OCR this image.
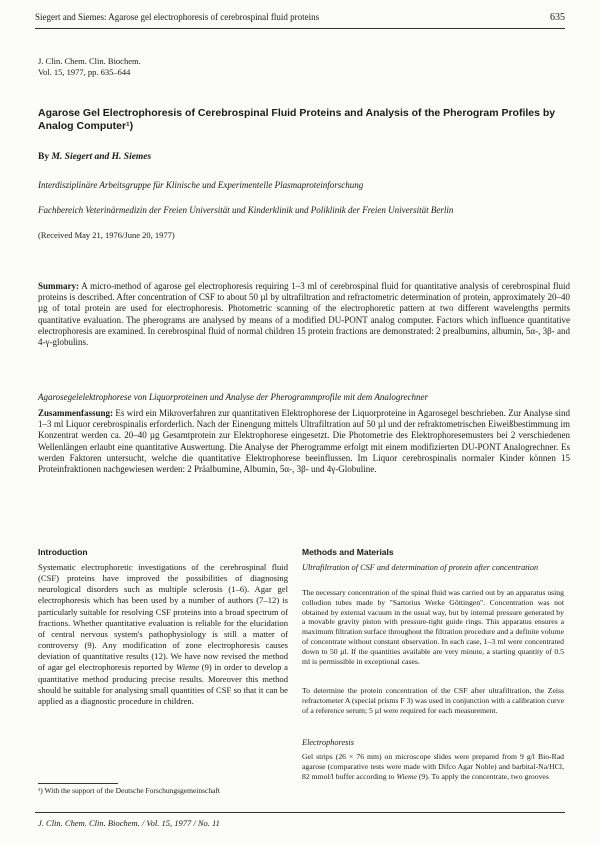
Siegert and Siemes: Agarose gel electrophoresis of cerebrospinal fluid proteins	635
J. Clin. Chem. Clin. Biochem.
Vol. 15, 1977, pp. 635–644
Agarose Gel Electrophoresis of Cerebrospinal Fluid Proteins and Analysis of the Pherogram Profiles by Analog Computer¹)
By M. Siegert and H. Siemes
Interdisziplinäre Arbeitsgruppe für Klinische und Experimentelle Plasmaproteinforschung
Fachbereich Veterinärmedizin der Freien Universität und Kinderklinik und Poliklinik der Freien Universität Berlin
(Received May 21, 1976/June 20, 1977)
Summary: A micro-method of agarose gel electrophoresis requiring 1–3 ml of cerebrospinal fluid for quantitative analysis of cerebrospinal fluid proteins is described. After concentration of CSF to about 50 µl by ultrafiltration and refractometric determination of protein, approximately 20–40 µg of total protein are used for electrophoresis. Photometric scanning of the electrophoretic pattern at two different wavelengths permits quantitative evaluation. The pherograms are analysed by means of a modified DU-PONT analog computer. Factors which influence quantitative electrophoresis are examined. In cerebrospinal fluid of normal children 15 protein fractions are demonstrated: 2 prealbumins, albumin, 5α-, 3β- and 4-γ-globulins.
Agarosegelelektrophorese von Liquorproteinen und Analyse der Pherogrammprofile mit dem Analogrechner
Zusammenfassung: Es wird ein Mikroverfahren zur quantitativen Elektrophorese der Liquorproteine in Agarosegel beschrieben. Zur Analyse sind 1–3 ml Liquor cerebrospinalis erforderlich. Nach der Einengung mittels Ultrafiltration auf 50 µl und der refraktometrischen Eiweißbestimmung im Konzentrat werden ca. 20–40 µg Gesamtprotein zur Elektrophorese eingesetzt. Die Photometrie des Elektrophoresemusters bei 2 verschiedenen Wellenlängen erlaubt eine quantitative Auswertung. Die Analyse der Pherogramme erfolgt mit einem modifizierten DU-PONT Analogrechner. Es werden Faktoren untersucht, welche die quantitative Elektrophorese beeinflussen. Im Liquor cerebrospinalis normaler Kinder können 15 Proteinfraktionen nachgewiesen werden: 2 Präalbumine, Albumin, 5α-, 3β- und 4γ-Globuline.
Introduction
Systematic electrophoretic investigations of the cerebrospinal fluid (CSF) proteins have improved the possibilities of diagnosing neurological disorders such as multiple sclerosis (1–6). Agar gel electrophoresis which has been used by a number of authors (7–12) is particularly suitable for resolving CSF proteins into a broad spectrum of fractions. Whether quantitative evaluation is reliable for the elucidation of central nervous system's pathophysiology is still a matter of controversy (9). Any modification of zone electrophoresis causes deviation of quantitative results (12). We have now revised the method of agar gel electrophoresis reported by Wieme (9) in order to develop a quantitative method producing precise results. Moreover this method should be suitable for analysing small quantities of CSF so that it can be applied as a diagnostic procedure in children.
¹) With the support of the Deutsche Forschungsgemeinschaft
Methods and Materials
Ultrafiltration of CSF and determination of protein after concentration
The necessary concentration of the spinal fluid was carried out by an apparatus using collodion tubes made by "Sartorius Werke Göttingen". Concentration was not obtained by external vacuum in the usual way, but by internal pressure generated by a movable gravity piston with pressure-tight guide rings. This apparatus ensures a maximum filtration surface throughout the filtration procedure and a definite volume of concentrate without constant observation. In each case, 1–3 ml were concentrated down to 50 µl. If the quantities available are very minute, a starting quantity of 0.5 ml is permissible in exceptional cases.
To determine the protein concentration of the CSF after ultrafiltration, the Zeiss refractometer A (special prisms F 3) was used in conjunction with a calibration curve of a reference serum; 5 µl were required for each measurement.
Electrophoresis
Gel strips (26 × 76 mm) on microscope slides were prepared from 9 g/l Bio-Rad agarose (comparative tests were made with Difco Agar Noble) and barbital-Na/HCl, 82 mmol/l buffer according to Wieme (9). To apply the concentrate, two grooves
J. Clin. Chem. Clin. Biochem. / Vol. 15, 1977 / No. 11
